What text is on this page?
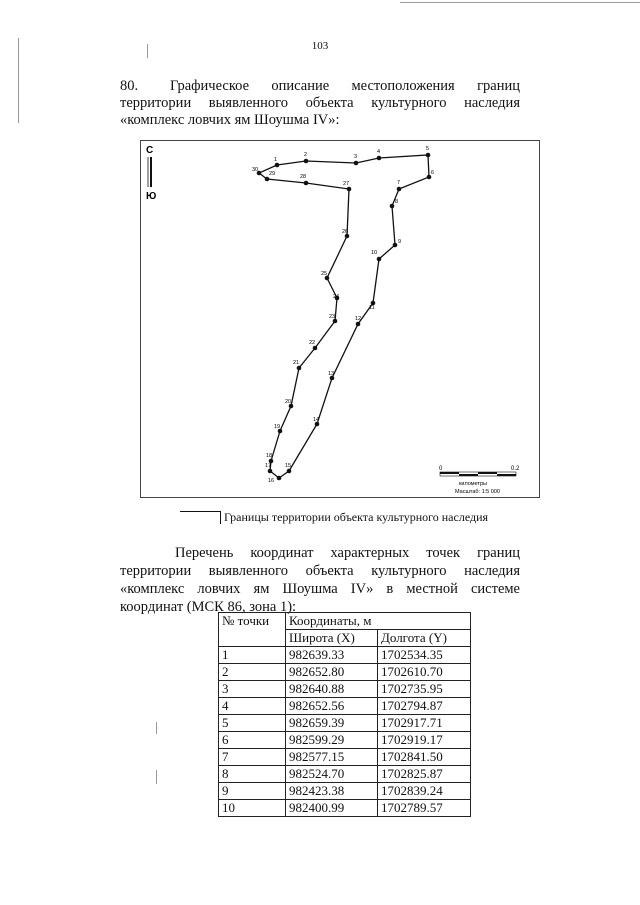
103

80. Графическое описание местоположения границ территории выявленного объекта культурного наследия «комплекс ловчих ям Шоушма IV»:

С
Ю
1
2	3
4	5
6
7
8
9
10
11
12
13
14
15
16
17
18
19
20
21
22
23
24
25
26
27
28
29
30
0	0.2
километры
Масштаб: 1:5 000
Границы территории объекта культурного наследия

Перечень координат характерных точек границ территории выявленного объекта культурного наследия «комплекс ловчих ям Шоушма IV» в местной системе координат (МСК 86, зона 1):

№ точки	Координаты, м	
	Широта (X)	Долгота (Y)
1	982639.33	1702534.35
2	982652.80	1702610.70
3	982640.88	1702735.95
4	982652.56	1702794.87
5	982659.39	1702917.71
6	982599.29	1702919.17
7	982577.15	1702841.50
8	982524.70	1702825.87
9	982423.38	1702839.24
10	982400.99	1702789.57
